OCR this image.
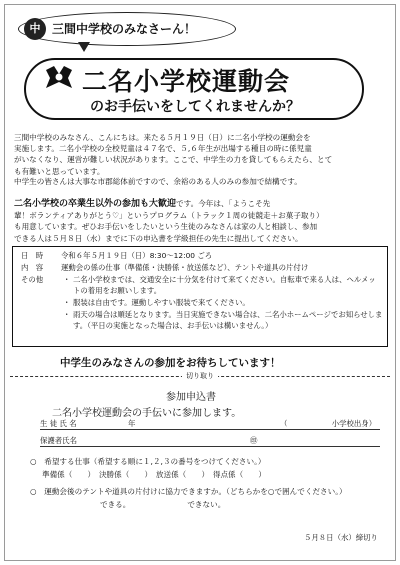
中 三間中学校のみなさーん！
二名小学校運動会
のお手伝いをしてくれませんか？
三間中学校のみなさん、こんにちは。来たる５月１９日（日）に二名小学校の運動会を
実施します。二名小学校の全校児童は４７名で、５,６年生が出場する種目の時に係児童
がいなくなり、運営が難しい状況があります。ここで、中学生の力を貸してもらえたら、とて
も有難いと思っています。
中学生の皆さんは大事な市郡総体前ですので、余裕のある人のみの参加で結構です。
二名小学校の卒業生以外の参加も大歓迎です。今年は、「ようこそ先
輩！ボランティアありがとう♡」というプログラム（トラック１周の徒競走＋お菓子取り）
も用意しています。ぜひお手伝いをしたいという生徒のみなさんは家の人と相談し、参加
できる人は５月８日（水）までに下の申込書を学級担任の先生に提出してください。
日　時 令和６年５月１９日（日）8:30～12:00 ごろ
内　容 運動会の係の仕事（準備係・決勝係・放送係など）、テントや道具の片付け
その他	・ 二名小学校までは、交通安全に十分気を付けて来てください。自転車で来る人は、ヘルメットの着用をお願いします。
・ 服装は自由です。運動しやすい服装で来てください。
・ 雨天の場合は順延となります。当日実施できない場合は、二名小ホームページでお知らせします。（平日の実施となった場合は、お手伝いは構いません。）
中学生のみなさんの参加をお待ちしています！
切り取り
参加申込書
二名小学校運動会の手伝いに参加します。
生 徒 氏 名	年	（　　　　　　小学校出身）
保護者氏名	㊞
○　希望する仕事（希望する順に１,２,３の番号をつけてください。）
準備係（　　）　決勝係（　　）　放送係（　　）　得点係（　　）
○　運動会後のテントや道具の片付けに協力できますか。（どちらかを○で囲んでください。）
できる。　　　　　　　　できない。
５月８日（水）締切り
